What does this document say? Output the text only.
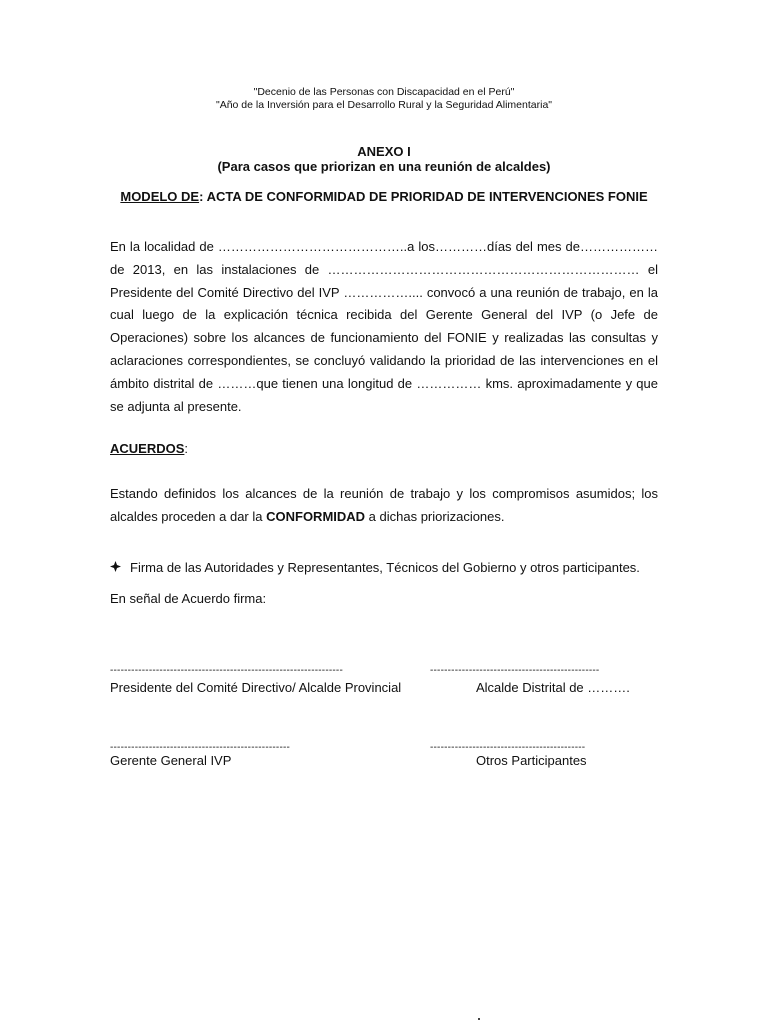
"Decenio de las Personas con Discapacidad en el Perú"
"Año de la Inversión para el Desarrollo Rural y la Seguridad Alimentaria"
ANEXO I
(Para casos que priorizan en una reunión de alcaldes)
MODELO DE: ACTA DE CONFORMIDAD DE PRIORIDAD DE INTERVENCIONES FONIE
En la localidad de ……………………………………..a los…………días del mes de……………… de 2013, en las instalaciones de ……………………………………………………………… el Presidente del Comité Directivo del IVP …………….... convocó a una reunión de trabajo, en la cual luego de la explicación técnica recibida del Gerente General del IVP (o Jefe de Operaciones) sobre los alcances de funcionamiento del FONIE y realizadas las consultas y aclaraciones correspondientes, se concluyó validando la prioridad de las intervenciones en el ámbito distrital de ………que tienen una longitud de …………… kms. aproximadamente y que se adjunta al presente.
ACUERDOS:
Estando definidos los alcances de la reunión de trabajo y los compromisos asumidos; los alcaldes proceden a dar la CONFORMIDAD a dichas priorizaciones.
Firma de las Autoridades y Representantes, Técnicos del Gobierno y otros participantes.
En señal de Acuerdo firma:
------------------------------------------------------------------	------------------------------------------------
Presidente del Comité Directivo/ Alcalde Provincial	Alcalde Distrital de ……….
---------------------------------------------------	--------------------------------------------
Gerente General IVP	Otros Participantes
